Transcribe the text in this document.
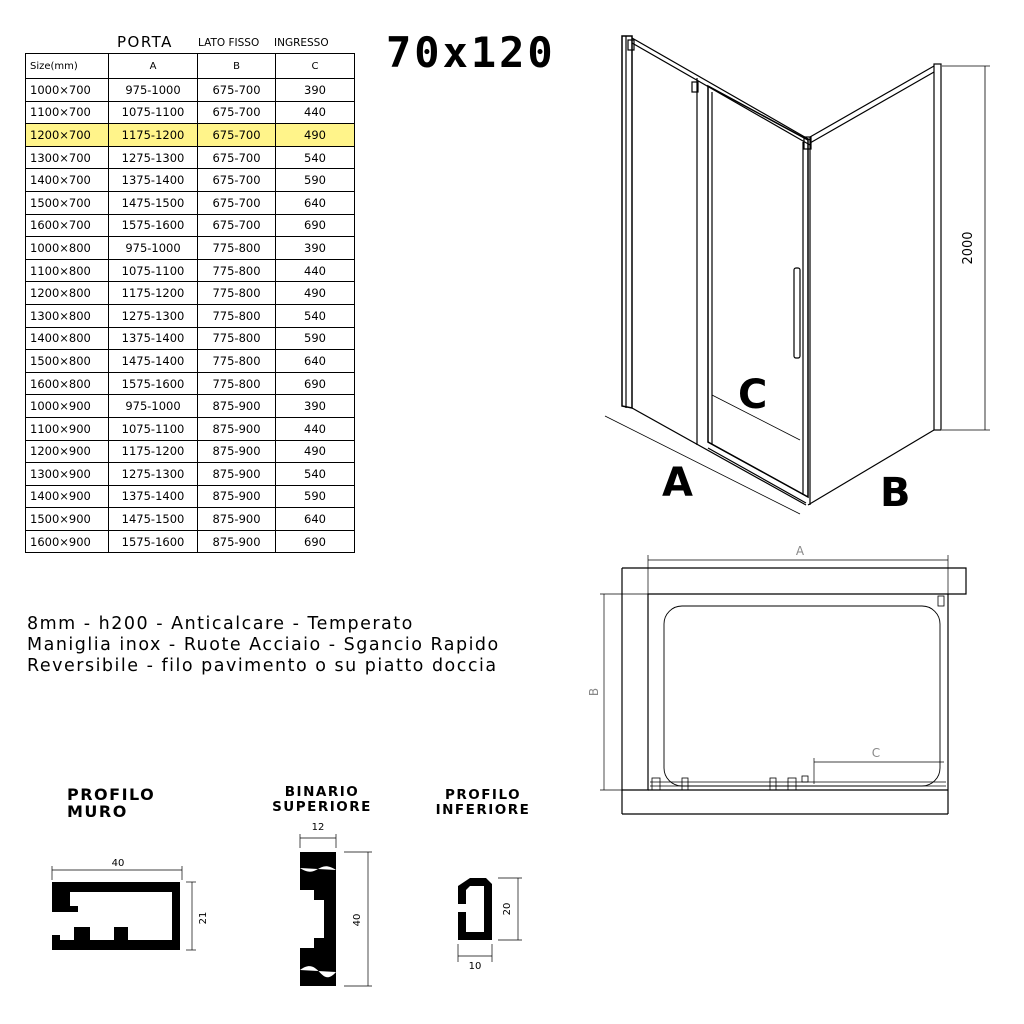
PORTA LATO FISSO INGRESSO 70x120
Size(mm)	A	B	C
1000×700	975-1000	675-700	390
1100×700	1075-1100	675-700	440
1200×700	1175-1200	675-700	490
1300×700	1275-1300	675-700	540
1400×700	1375-1400	675-700	590
1500×700	1475-1500	675-700	640
1600×700	1575-1600	675-700	690
1000×800	975-1000	775-800	390
1100×800	1075-1100	775-800	440
1200×800	1175-1200	775-800	490
1300×800	1275-1300	775-800	540
1400×800	1375-1400	775-800	590
1500×800	1475-1400	775-800	640
1600×800	1575-1600	775-800	690
1000×900	975-1000	875-900	390
1100×900	1075-1100	875-900	440
1200×900	1175-1200	875-900	490
1300×900	1275-1300	875-900	540
1400×900	1375-1400	875-900	590
1500×900	1475-1500	875-900	640
1600×900	1575-1600	875-900	690
8mm - h200 - Anticalcare - Temperato
Maniglia inox - Ruote Acciaio - Sgancio Rapido
Reversibile - filo pavimento o su piatto doccia
PROFILO
MURO
BINARIO
SUPERIORE
PROFILO
INFERIORE
2000
A	B
C
A
B
C
40
21
12
40
10
20
